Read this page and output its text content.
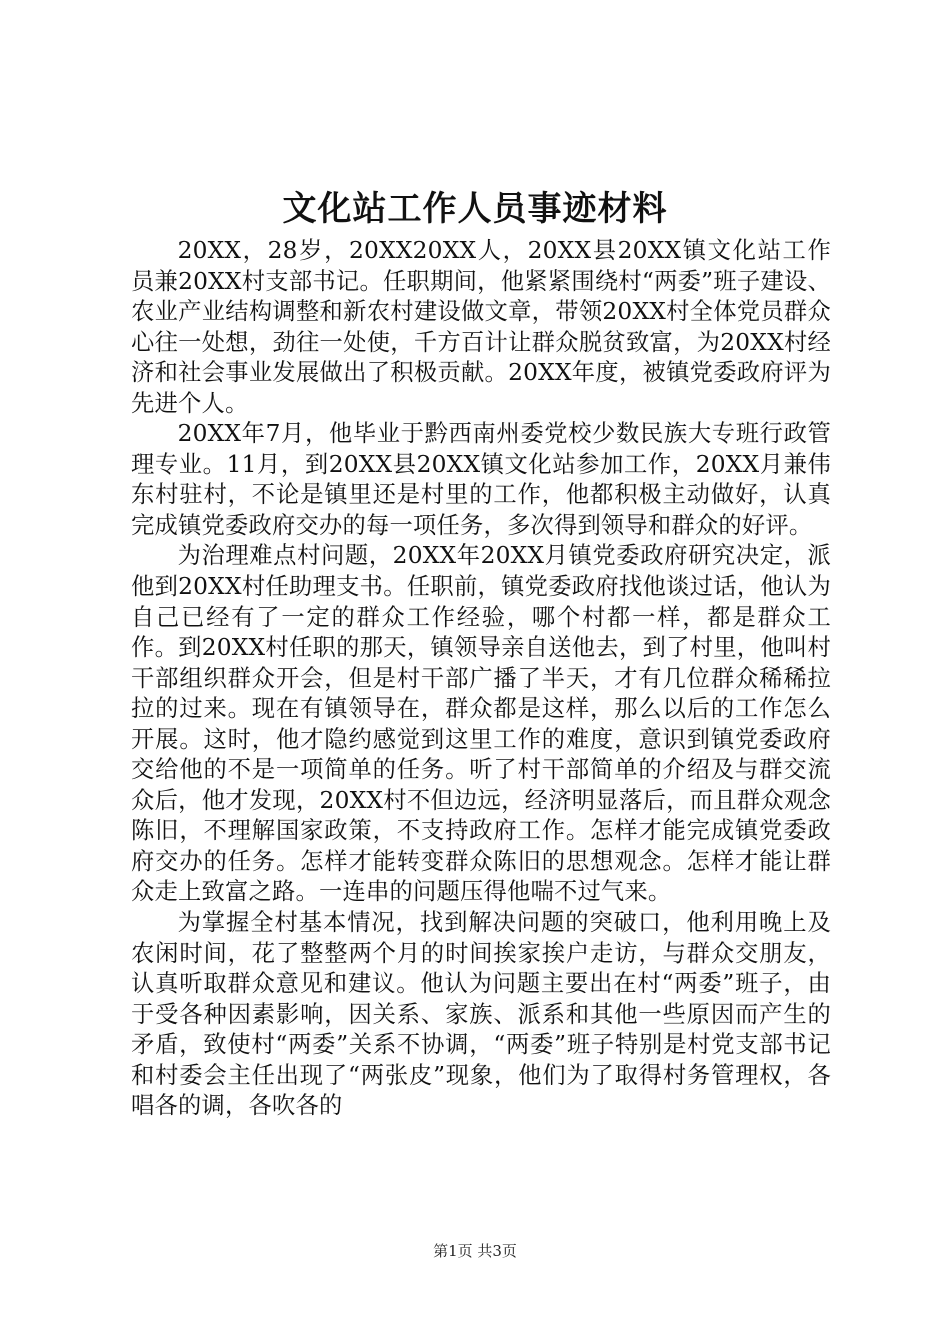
文化站工作人员事迹材料

20XX，28岁，20XX20XX人，20XX县20XX镇文化站工作员兼20XX村支部书记。任职期间，他紧紧围绕村“两委”班子建设、农业产业结构调整和新农村建设做文章，带领20XX村全体党员群众心往一处想，劲往一处使，千方百计让群众脱贫致富，为20XX村经济和社会事业发展做出了积极贡献。20XX年度，被镇党委政府评为先进个人。

20XX年7月，他毕业于黔西南州委党校少数民族大专班行政管理专业。11月，到20XX县20XX镇文化站参加工作，20XX月兼伟东村驻村，不论是镇里还是村里的工作，他都积极主动做好，认真完成镇党委政府交办的每一项任务，多次得到领导和群众的好评。

为治理难点村问题，20XX年20XX月镇党委政府研究决定，派他到20XX村任助理支书。任职前，镇党委政府找他谈过话，他认为自己已经有了一定的群众工作经验，哪个村都一样，都是群众工作。到20XX村任职的那天，镇领导亲自送他去，到了村里，他叫村干部组织群众开会，但是村干部广播了半天，才有几位群众稀稀拉拉的过来。现在有镇领导在，群众都是这样，那么以后的工作怎么开展。这时，他才隐约感觉到这里工作的难度，意识到镇党委政府交给他的不是一项简单的任务。听了村干部简单的介绍及与群交流众后，他才发现，20XX村不但边远，经济明显落后，而且群众观念陈旧，不理解国家政策，不支持政府工作。怎样才能完成镇党委政府交办的任务。怎样才能转变群众陈旧的思想观念。怎样才能让群众走上致富之路。一连串的问题压得他喘不过气来。

为掌握全村基本情况，找到解决问题的突破口，他利用晚上及农闲时间，花了整整两个月的时间挨家挨户走访，与群众交朋友，认真听取群众意见和建议。他认为问题主要出在村“两委”班子，由于受各种因素影响，因关系、家族、派系和其他一些原因而产生的矛盾，致使村“两委”关系不协调，“两委”班子特别是村党支部书记和村委会主任出现了“两张皮”现象，他们为了取得村务管理权，各唱各的调，各吹各的

第1页 共3页
